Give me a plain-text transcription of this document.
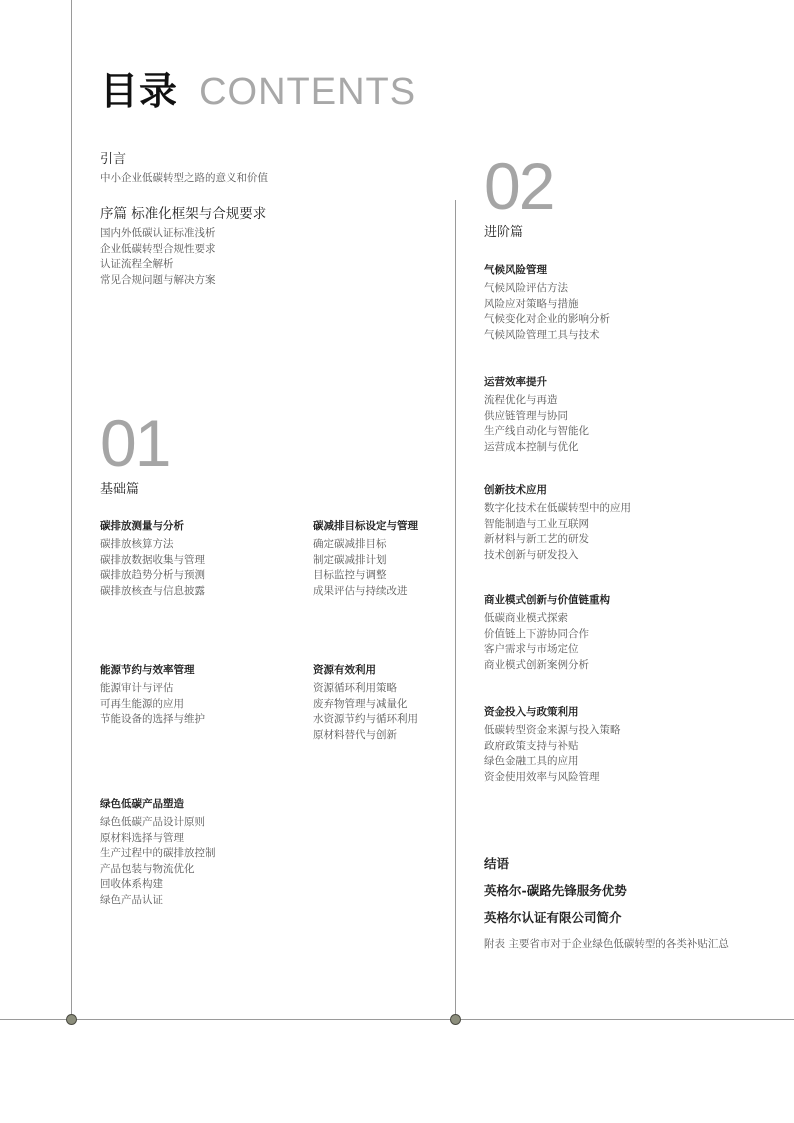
目录 CONTENTS
引言
中小企业低碳转型之路的意义和价值
序篇 标准化框架与合规要求
国内外低碳认证标准浅析
企业低碳转型合规性要求
认证流程全解析
常见合规问题与解决方案
01
基础篇
碳排放测量与分析
碳排放核算方法
碳排放数据收集与管理
碳排放趋势分析与预测
碳排放核查与信息披露
碳减排目标设定与管理
确定碳减排目标
制定碳减排计划
目标监控与调整
成果评估与持续改进
能源节约与效率管理
能源审计与评估
可再生能源的应用
节能设备的选择与维护
资源有效利用
资源循环利用策略
废弃物管理与减量化
水资源节约与循环利用
原材料替代与创新
绿色低碳产品塑造
绿色低碳产品设计原则
原材料选择与管理
生产过程中的碳排放控制
产品包装与物流优化
回收体系构建
绿色产品认证
02
进阶篇
气候风险管理
气候风险评估方法
风险应对策略与措施
气候变化对企业的影响分析
气候风险管理工具与技术
运营效率提升
流程优化与再造
供应链管理与协同
生产线自动化与智能化
运营成本控制与优化
创新技术应用
数字化技术在低碳转型中的应用
智能制造与工业互联网
新材料与新工艺的研发
技术创新与研发投入
商业模式创新与价值链重构
低碳商业模式探索
价值链上下游协同合作
客户需求与市场定位
商业模式创新案例分析
资金投入与政策利用
低碳转型资金来源与投入策略
政府政策支持与补贴
绿色金融工具的应用
资金使用效率与风险管理
结语
英格尔-碳路先锋服务优势
英格尔认证有限公司简介
附表 主要省市对于企业绿色低碳转型的各类补贴汇总
